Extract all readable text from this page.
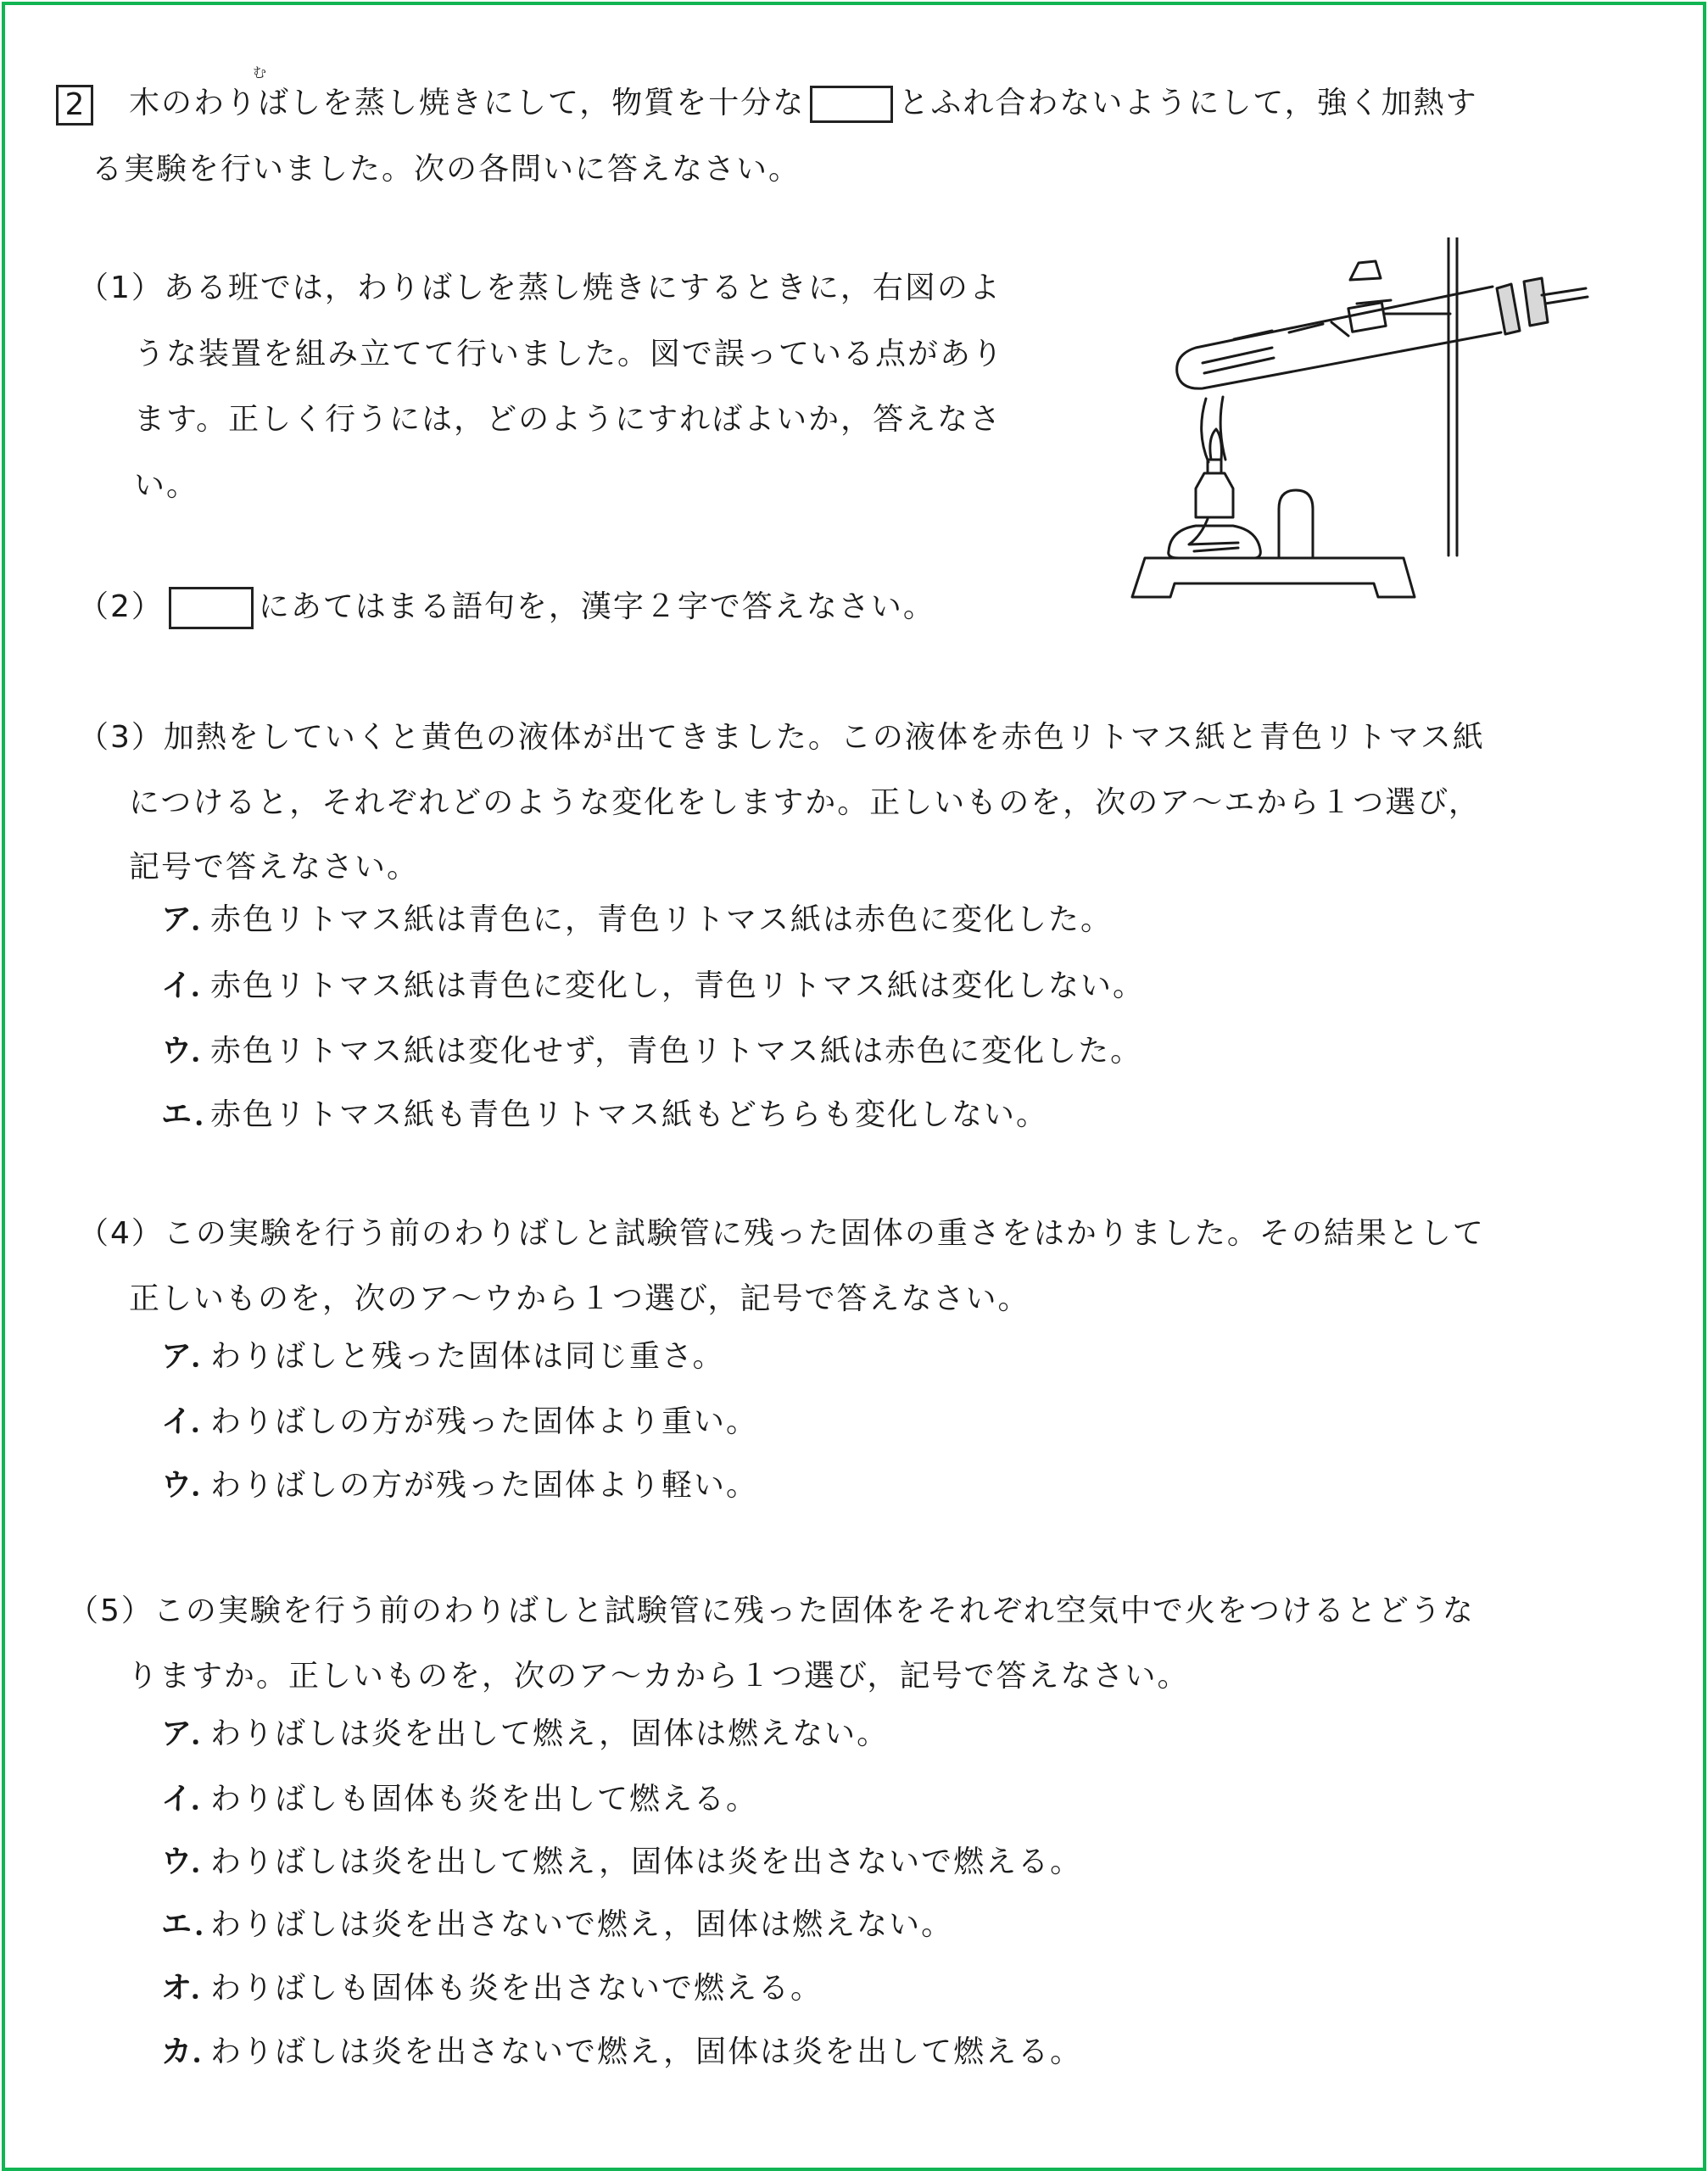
2
む
木のわりばしを蒸し焼きにして，物質を十分な	とふれ合わないようにして，強く加熱す
る実験を行いました。次の各問いに答えなさい。
（1）ある班では，わりばしを蒸し焼きにするときに，右図のよ
うな装置を組み立てて行いました。図で誤っている点があり
ます。正しく行うには，どのようにすればよいか，答えなさ
い。
（2）	にあてはまる語句を，漢字２字で答えなさい。
（3）加熱をしていくと黄色の液体が出てきました。この液体を赤色リトマス紙と青色リトマス紙
につけると，それぞれどのような変化をしますか。正しいものを，次のア～エから１つ選び，
記号で答えなさい。
ア．赤色リトマス紙は青色に，青色リトマス紙は赤色に変化した。
イ．赤色リトマス紙は青色に変化し，青色リトマス紙は変化しない。
ウ．赤色リトマス紙は変化せず，青色リトマス紙は赤色に変化した。
エ．赤色リトマス紙も青色リトマス紙もどちらも変化しない。
（4）この実験を行う前のわりばしと試験管に残った固体の重さをはかりました。その結果として
正しいものを，次のア～ウから１つ選び，記号で答えなさい。
ア．わりばしと残った固体は同じ重さ。
イ．わりばしの方が残った固体より重い。
ウ．わりばしの方が残った固体より軽い。
（5）この実験を行う前のわりばしと試験管に残った固体をそれぞれ空気中で火をつけるとどうな
りますか。正しいものを，次のア～カから１つ選び，記号で答えなさい。
ア．わりばしは炎を出して燃え，固体は燃えない。
イ．わりばしも固体も炎を出して燃える。
ウ．わりばしは炎を出して燃え，固体は炎を出さないで燃える。
エ．わりばしは炎を出さないで燃え，固体は燃えない。
オ．わりばしも固体も炎を出さないで燃える。
カ．わりばしは炎を出さないで燃え，固体は炎を出して燃える。
